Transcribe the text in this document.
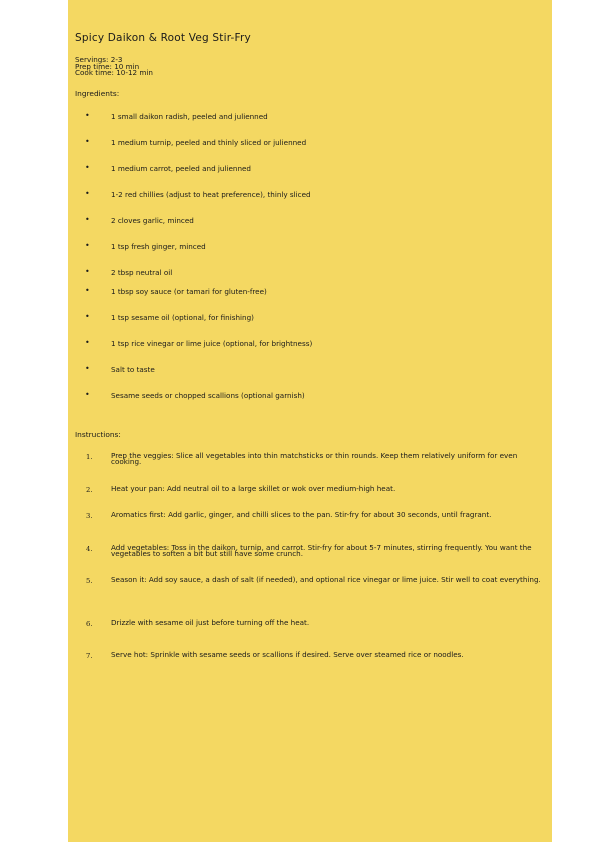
Spicy Daikon & Root Veg Stir-Fry
Servings: 2-3
Prep time: 10 min
Cook time: 10-12 min
Ingredients:
•	1 small daikon radish, peeled and julienned
•	1 medium turnip, peeled and thinly sliced or julienned
•	1 medium carrot, peeled and julienned
•	1-2 red chillies (adjust to heat preference), thinly sliced
•	2 cloves garlic, minced
•	1 tsp fresh ginger, minced
•	2 tbsp neutral oil
•	1 tbsp soy sauce (or tamari for gluten-free)
•	1 tsp sesame oil (optional, for finishing)
•	1 tsp rice vinegar or lime juice (optional, for brightness)
•	Salt to taste
•	Sesame seeds or chopped scallions (optional garnish)
Instructions:
1.	Prep the veggies: Slice all vegetables into thin matchsticks or thin rounds. Keep them relatively uniform for even cooking.
2.	Heat your pan: Add neutral oil to a large skillet or wok over medium-high heat.
3.	Aromatics first: Add garlic, ginger, and chilli slices to the pan. Stir-fry for about 30 seconds, until fragrant.
4.	Add vegetables: Toss in the daikon, turnip, and carrot. Stir-fry for about 5-7 minutes, stirring frequently. You want the vegetables to soften a bit but still have some crunch.
5.	Season it: Add soy sauce, a dash of salt (if needed), and optional rice vinegar or lime juice. Stir well to coat everything.
6.	Drizzle with sesame oil just before turning off the heat.
7.	Serve hot: Sprinkle with sesame seeds or scallions if desired. Serve over steamed rice or noodles.
